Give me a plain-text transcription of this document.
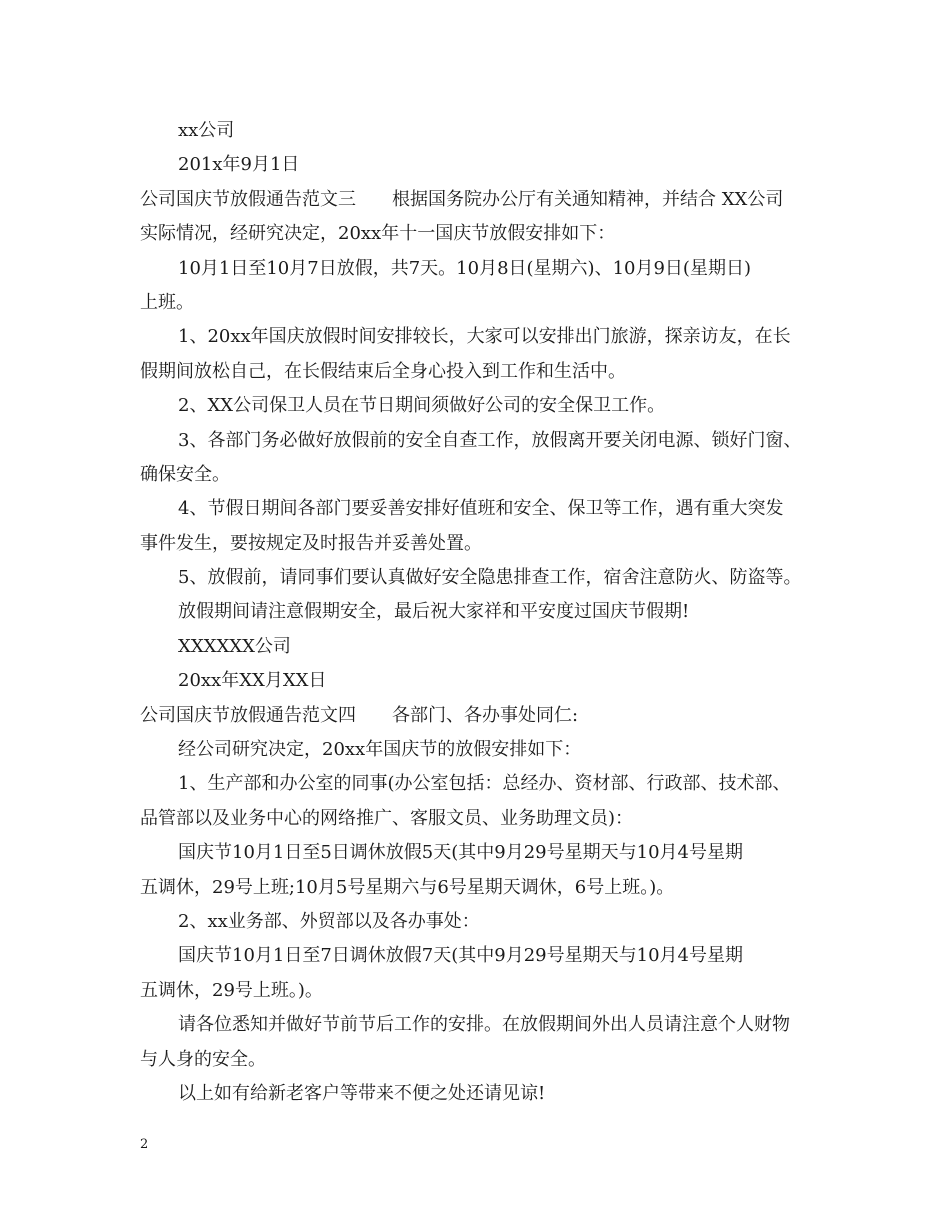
xx公司
201x年9月1日
公司国庆节放假通告范文三　　根据国务院办公厅有关通知精神，并结合 XX公司
实际情况，经研究决定，20xx年十一国庆节放假安排如下：
10月1日至10月7日放假，共7天。10月8日(星期六)、10月9日(星期日)
上班。
1、20xx年国庆放假时间安排较长，大家可以安排出门旅游，探亲访友，在长
假期间放松自己，在长假结束后全身心投入到工作和生活中。
2、XX公司保卫人员在节日期间须做好公司的安全保卫工作。
3、各部门务必做好放假前的安全自查工作，放假离开要关闭电源、锁好门窗、
确保安全。
4、节假日期间各部门要妥善安排好值班和安全、保卫等工作，遇有重大突发
事件发生，要按规定及时报告并妥善处置。
5、放假前，请同事们要认真做好安全隐患排查工作，宿舍注意防火、防盗等。
放假期间请注意假期安全，最后祝大家祥和平安度过国庆节假期!
XXXXXX公司
20xx年XX月XX日
公司国庆节放假通告范文四　　各部门、各办事处同仁:
经公司研究决定，20xx年国庆节的放假安排如下：
1、生产部和办公室的同事(办公室包括：总经办、资材部、行政部、技术部、
品管部以及业务中心的网络推广、客服文员、业务助理文员)：
国庆节10月1日至5日调休放假5天(其中9月29号星期天与10月4号星期
五调休，29号上班;10月5号星期六与6号星期天调休，6号上班。)。
2、xx业务部、外贸部以及各办事处：
国庆节10月1日至7日调休放假7天(其中9月29号星期天与10月4号星期
五调休，29号上班。)。
请各位悉知并做好节前节后工作的安排。在放假期间外出人员请注意个人财物
与人身的安全。
以上如有给新老客户等带来不便之处还请见谅!
2
